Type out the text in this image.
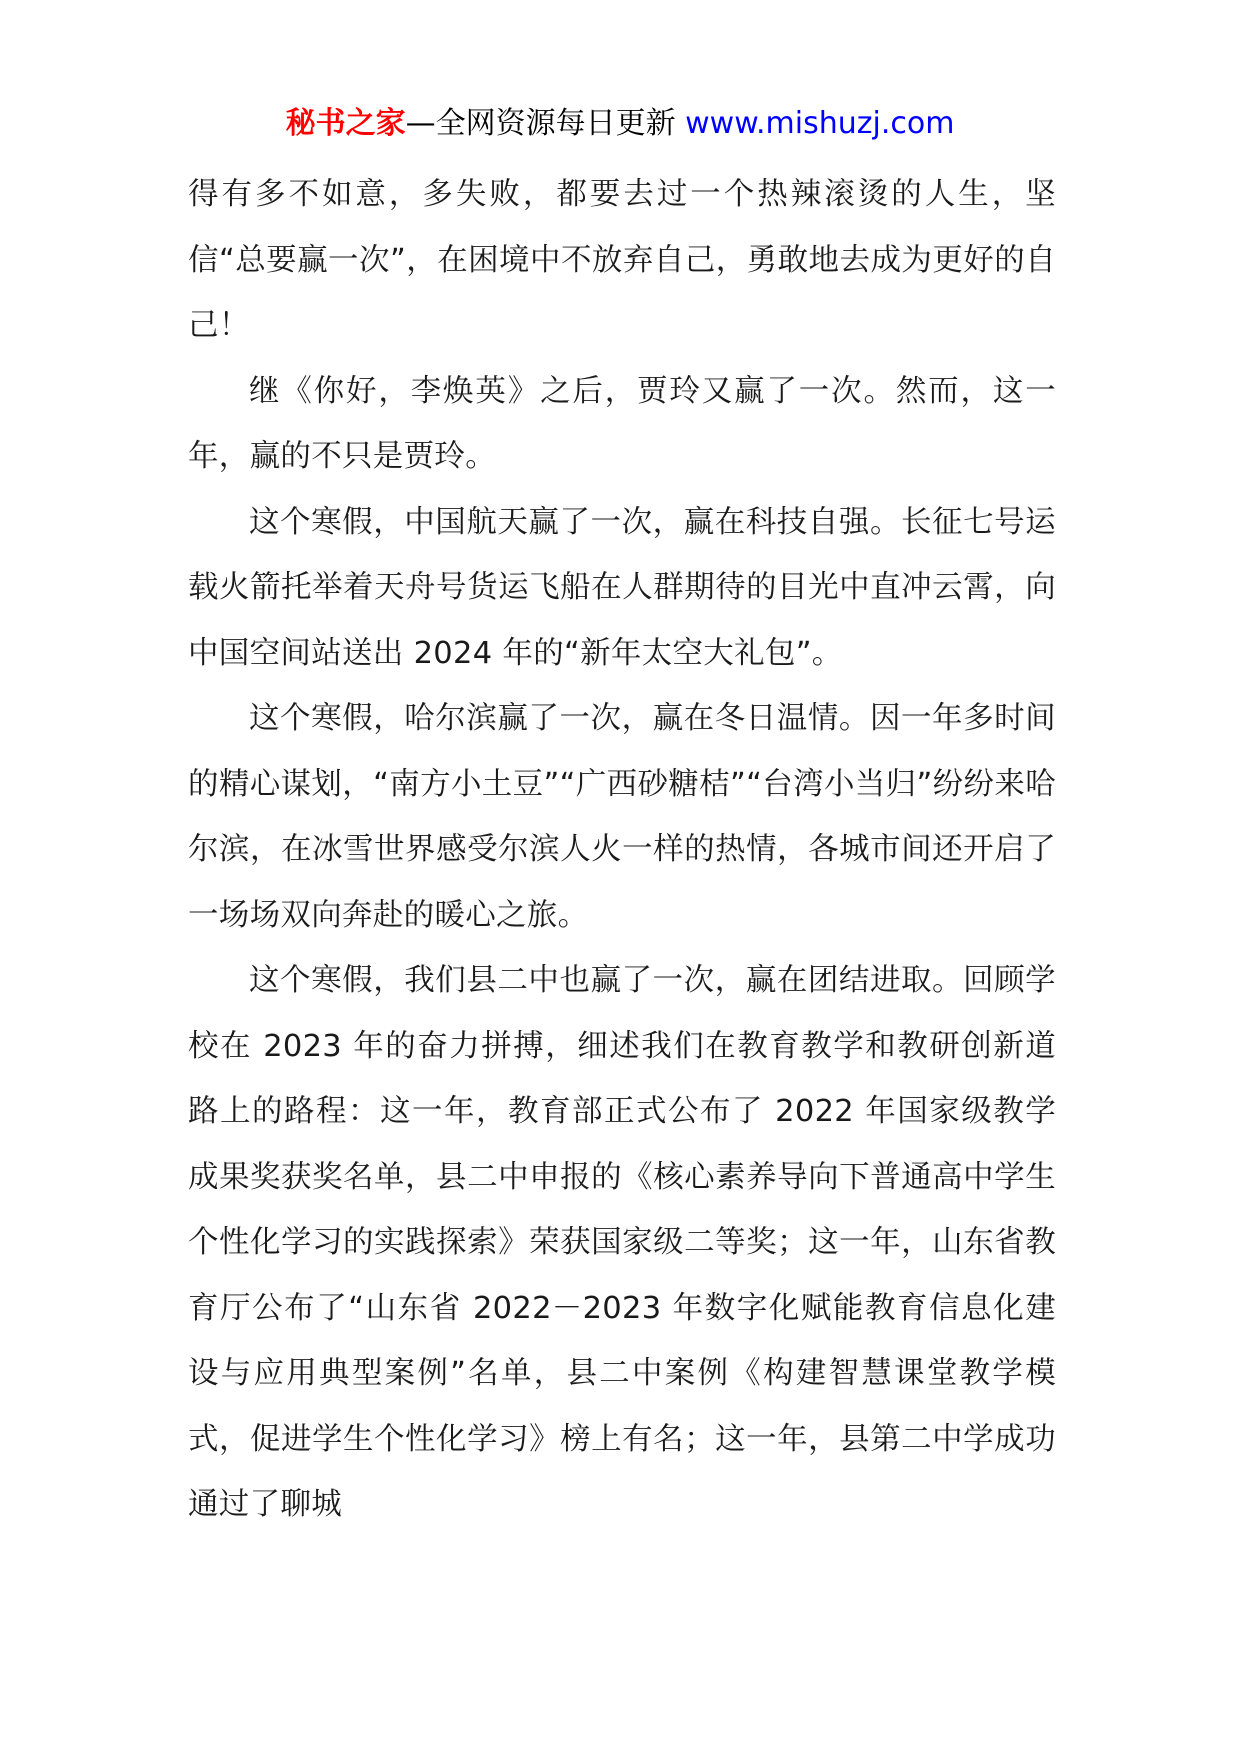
秘书之家—全网资源每日更新 www.mishuzj.com

得有多不如意，多失败，都要去过一个热辣滚烫的人生，坚信“总要赢一次”，在困境中不放弃自己，勇敢地去成为更好的自己！

继《你好，李焕英》之后，贾玲又赢了一次。然而，这一年，赢的不只是贾玲。

这个寒假，中国航天赢了一次，赢在科技自强。长征七号运载火箭托举着天舟号货运飞船在人群期待的目光中直冲云霄，向中国空间站送出 2024 年的“新年太空大礼包”。

这个寒假，哈尔滨赢了一次，赢在冬日温情。因一年多时间的精心谋划，“南方小土豆”“广西砂糖桔”“台湾小当归”纷纷来哈尔滨，在冰雪世界感受尔滨人火一样的热情，各城市间还开启了一场场双向奔赴的暖心之旅。

这个寒假，我们县二中也赢了一次，赢在团结进取。回顾学校在 2023 年的奋力拼搏，细述我们在教育教学和教研创新道路上的路程：这一年，教育部正式公布了 2022 年国家级教学成果奖获奖名单，县二中申报的《核心素养导向下普通高中学生个性化学习的实践探索》荣获国家级二等奖；这一年，山东省教育厅公布了“山东省 2022－2023 年数字化赋能教育信息化建设与应用典型案例”名单，县二中案例《构建智慧课堂教学模式，促进学生个性化学习》榜上有名；这一年，县第二中学成功通过了聊城
